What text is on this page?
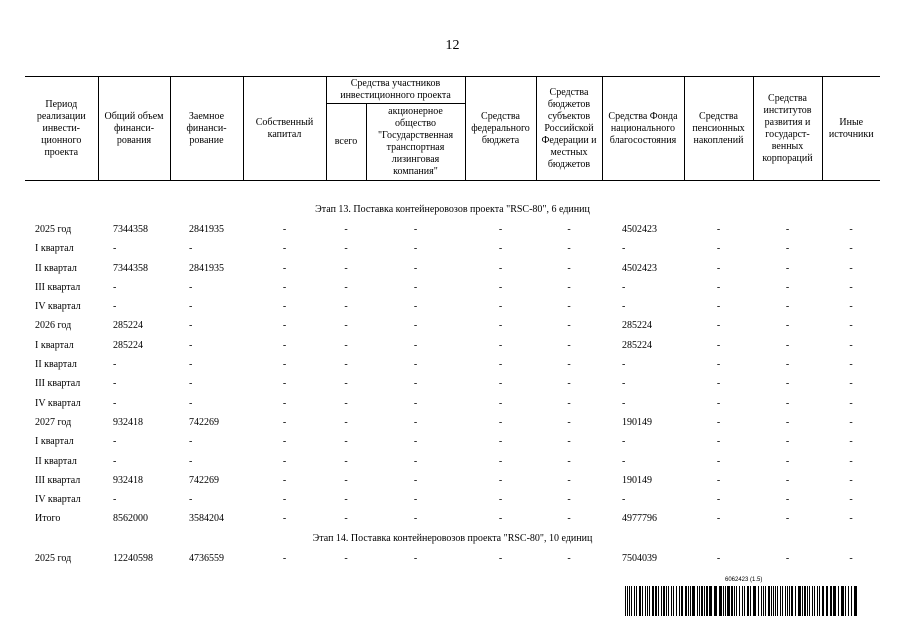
12
Период реализации инвести-ционного проекта	Общий объем финанси-рования	Заемное финанси-рование	Собственный капитал	Средства участников инвестиционного проекта		Средства федерального бюджета	Средства бюджетов субъектов Российской Федерации и местных бюджетов	Средства Фонда национального благосостояния	Средства пенсионных накоплений	Средства институтов развития и государст-венных корпораций	Иные источники
				всего	акционерное общество "Государственная транспортная лизинговая компания"						

Этап 13. Поставка контейнеровозов проекта "RSC-80", 6 единиц											
2025 год	7344358	2841935	-	-	-	-	-	4502423	-	-	-
I квартал	-	-	-	-	-	-	-	-	-	-	-
II квартал	7344358	2841935	-	-	-	-	-	4502423	-	-	-
III квартал	-	-	-	-	-	-	-	-	-	-	-
IV квартал	-	-	-	-	-	-	-	-	-	-	-
2026 год	285224	-	-	-	-	-	-	285224	-	-	-
I квартал	285224	-	-	-	-	-	-	285224	-	-	-
II квартал	-	-	-	-	-	-	-	-	-	-	-
III квартал	-	-	-	-	-	-	-	-	-	-	-
IV квартал	-	-	-	-	-	-	-	-	-	-	-
2027 год	932418	742269	-	-	-	-	-	190149	-	-	-
I квартал	-	-	-	-	-	-	-	-	-	-	-
II квартал	-	-	-	-	-	-	-	-	-	-	-
III квартал	932418	742269	-	-	-	-	-	190149	-	-	-
IV квартал	-	-	-	-	-	-	-	-	-	-	-
Итого	8562000	3584204	-	-	-	-	-	4977796	-	-	-
Этап 14. Поставка контейнеровозов проекта "RSC-80", 10 единиц											
2025 год	12240598	4736559	-	-	-	-	-	7504039	-	-	-
6062423 (1.5)
